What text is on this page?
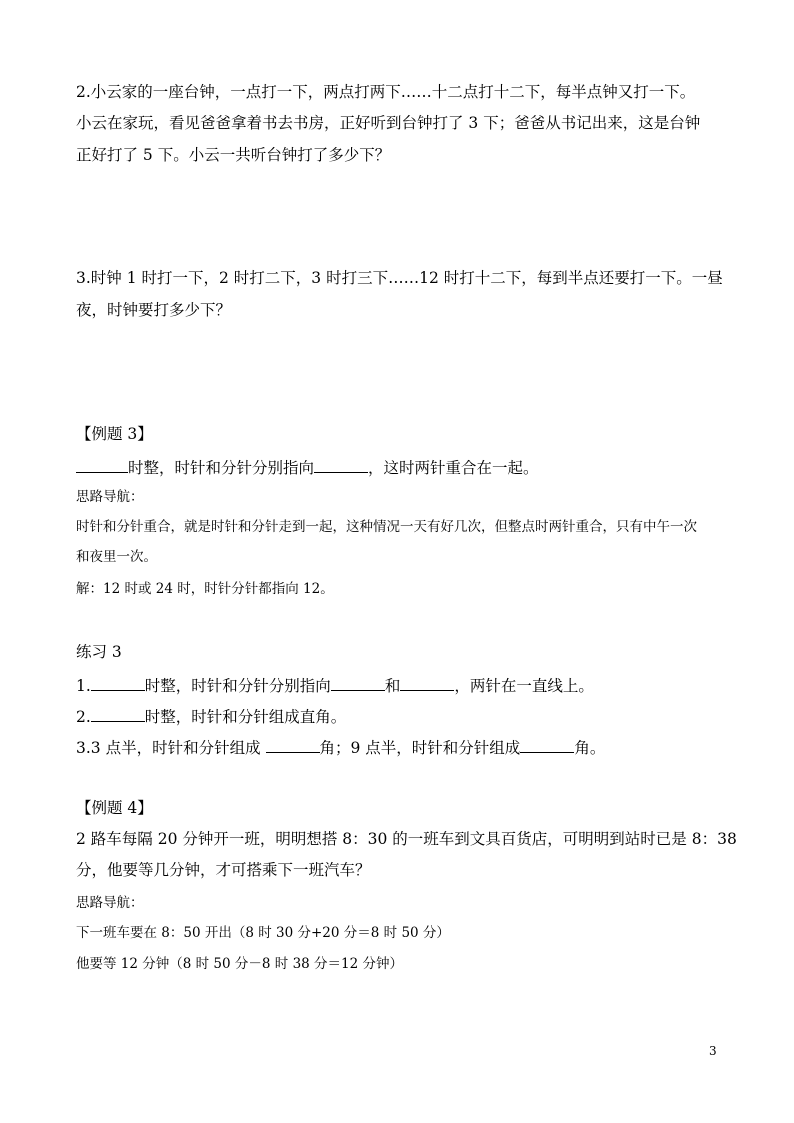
2.小云家的一座台钟，一点打一下，两点打两下……十二点打十二下，每半点钟又打一下。
小云在家玩，看见爸爸拿着书去书房，正好听到台钟打了 3 下；爸爸从书记出来，这是台钟
正好打了 5 下。小云一共听台钟打了多少下？
3.时钟 1 时打一下，2 时打二下，3 时打三下……12 时打十二下，每到半点还要打一下。一昼
夜，时钟要打多少下？
【例题 3】
时整，时针和分针分别指向	，这时两针重合在一起。
思路导航：
时针和分针重合，就是时针和分针走到一起，这种情况一天有好几次，但整点时两针重合，只有中午一次
和夜里一次。
解：12 时或 24 时，时针分针都指向 12。
练习 3
1.	时整，时针和分针分别指向	和	，两针在一直线上。
2.	时整，时针和分针组成直角。
3.3 点半，时针和分针组成	角；9 点半，时针和分针组成	角。
【例题 4】
2 路车每隔 20 分钟开一班，明明想搭 8：30 的一班车到文具百货店，可明明到站时已是 8：38
分，他要等几分钟，才可搭乘下一班汽车？
思路导航：
下一班车要在 8：50 开出（8 时 30 分+20 分＝8 时 50 分）
他要等 12 分钟（8 时 50 分－8 时 38 分＝12 分钟）
3
